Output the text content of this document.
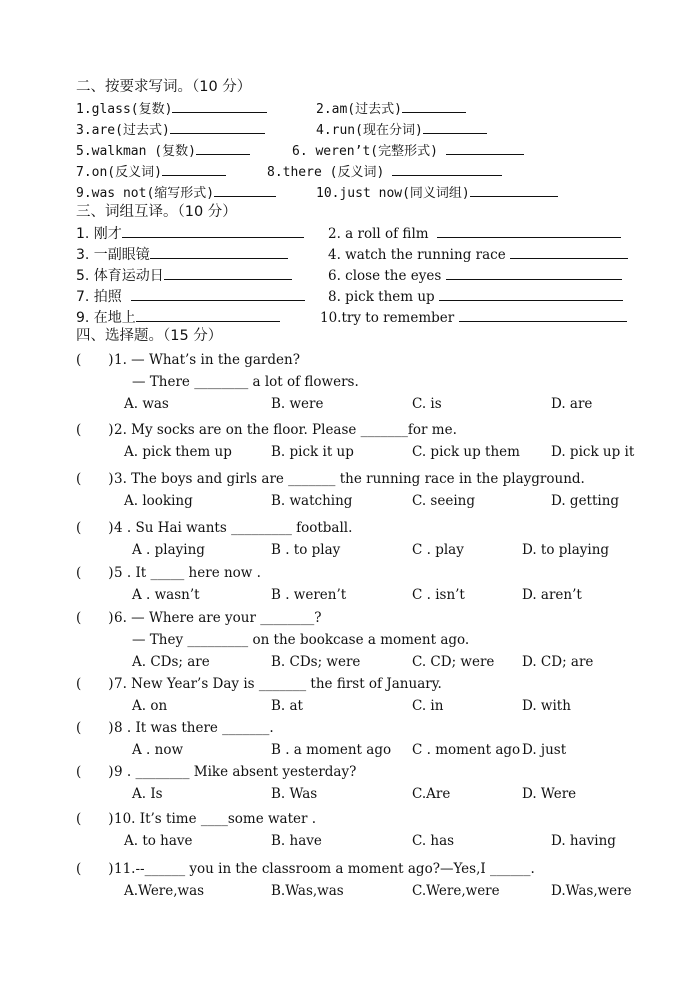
二、按要求写词。（10 分）
1.glass(复数)	2.am(过去式)
3.are(过去式)	4.run(现在分词)
5.walkman (复数)	6. weren’t(完整形式)
7.on(反义词)	8.there (反义词)
9.was not(缩写形式)	10.just now(同义词组)
三、词组互译。（10 分）
1. 刚才	2. a roll of film
3. 一副眼镜	4. watch the running race
5. 体育运动日	6. close the eyes
7. 拍照	8. pick them up
9. 在地上	10.try to remember
四、选择题。（15 分）
(　　) 1. — What’s in the garden?
— There ________ a lot of flowers.
A. was	B. were	C. is	D. are
(　　) 2. My socks are on the floor. Please _______for me.
A. pick them up	B. pick it up	C. pick up them D. pick up it
(　　) 3. The boys and girls are _______ the running race in the playground.
A. looking	B. watching	C. seeing	D. getting
(　　) 4 . Su Hai wants _________ football.
A . playing	B . to play	C . play	D. to playing
(　　) 5 . It _____ here now .
A . wasn’t	B . weren’t	C . isn’t	D. aren’t
(　　) 6. — Where are your ________?
— They _________ on the bookcase a moment ago.
A. CDs; are	B. CDs; were	C. CD; were D. CD; are
(　　) 7. New Year’s Day is _______ the first of January.
A. on	B. at	C. in	D. with
(　　) 8 . It was there _______.
A . now	B . a moment ago C . moment ago D. just
(　　) 9 . ________ Mike absent yesterday?
A. Is	B. Was	C.Are	D. Were
(　　) 10. It’s time ____some water .
A. to have	B. have	C. has	D. having
(　　) 11.--______ you in the classroom a moment ago?—Yes,I ______.
A.Were,was	B.Was,was	C.Were,were	D.Was,were
